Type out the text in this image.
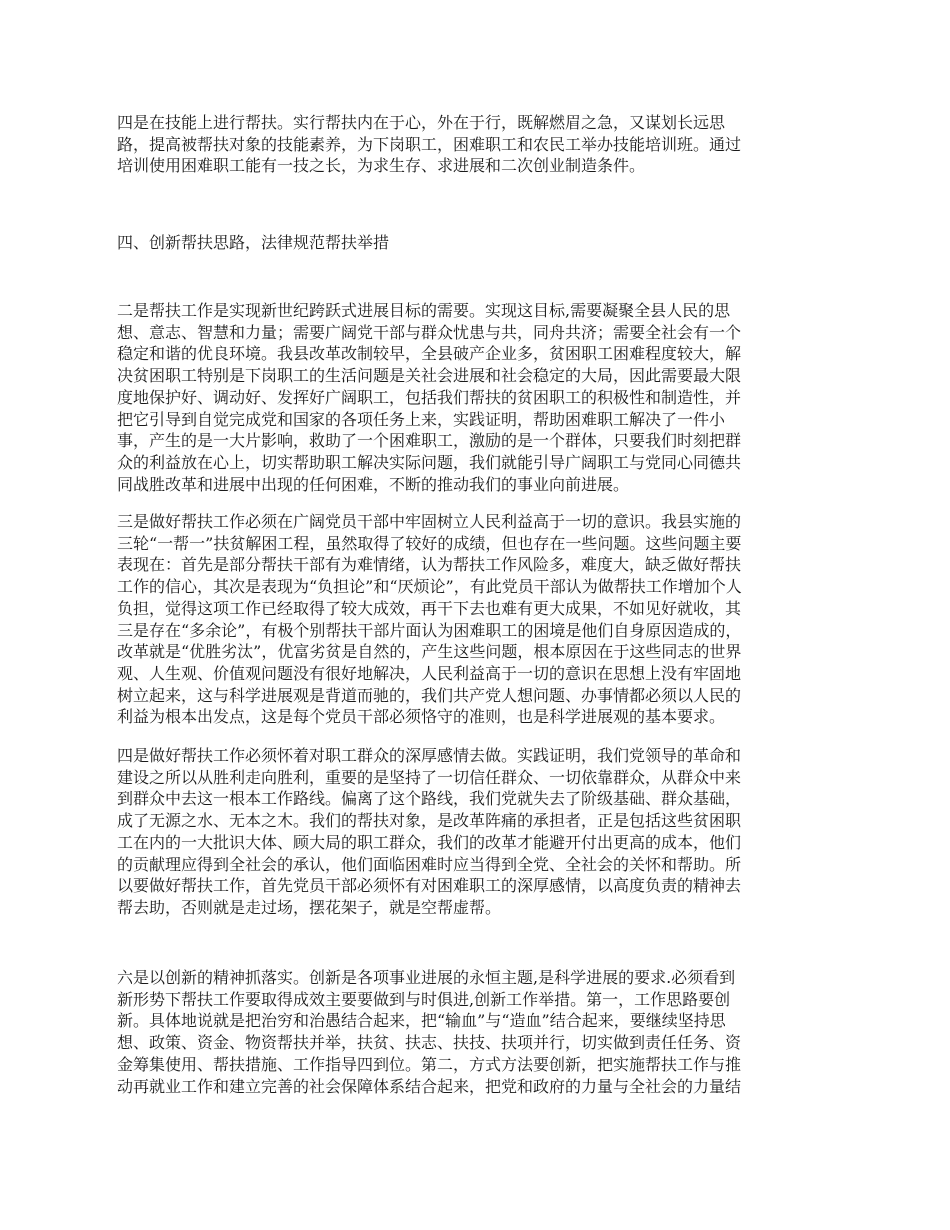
四是在技能上进行帮扶。实行帮扶内在于心，外在于行，既解燃眉之急，又谋划长远思
路，提高被帮扶对象的技能素养，为下岗职工，困难职工和农民工举办技能培训班。通过
培训使用困难职工能有一技之长，为求生存、求进展和二次创业制造条件。

四、创新帮扶思路，法律规范帮扶举措

二是帮扶工作是实现新世纪跨跃式进展目标的需要。实现这目标,需要凝聚全县人民的思
想、意志、智慧和力量；需要广阔党干部与群众忧患与共，同舟共济；需要全社会有一个
稳定和谐的优良环境。我县改革改制较早，全县破产企业多，贫困职工困难程度较大，解
决贫困职工特别是下岗职工的生活问题是关社会进展和社会稳定的大局，因此需要最大限
度地保护好、调动好、发挥好广阔职工，包括我们帮扶的贫困职工的积极性和制造性，并
把它引导到自觉完成党和国家的各项任务上来，实践证明，帮助困难职工解决了一件小
事，产生的是一大片影响，救助了一个困难职工，激励的是一个群体，只要我们时刻把群
众的利益放在心上，切实帮助职工解决实际问题，我们就能引导广阔职工与党同心同德共
同战胜改革和进展中出现的任何困难，不断的推动我们的事业向前进展。

三是做好帮扶工作必须在广阔党员干部中牢固树立人民利益高于一切的意识。我县实施的
三轮“一帮一”扶贫解困工程，虽然取得了较好的成绩，但也存在一些问题。这些问题主要
表现在：首先是部分帮扶干部有为难情绪，认为帮扶工作风险多，难度大，缺乏做好帮扶
工作的信心，其次是表现为“负担论”和“厌烦论”，有此党员干部认为做帮扶工作增加个人
负担，觉得这项工作已经取得了较大成效，再干下去也难有更大成果，不如见好就收，其
三是存在“多余论”，有极个别帮扶干部片面认为困难职工的困境是他们自身原因造成的，
改革就是“优胜劣汰”，优富劣贫是自然的，产生这些问题，根本原因在于这些同志的世界
观、人生观、价值观问题没有很好地解决，人民利益高于一切的意识在思想上没有牢固地
树立起来，这与科学进展观是背道而驰的，我们共产党人想问题、办事情都必须以人民的
利益为根本出发点，这是每个党员干部必须恪守的准则，也是科学进展观的基本要求。

四是做好帮扶工作必须怀着对职工群众的深厚感情去做。实践证明，我们党领导的革命和
建设之所以从胜利走向胜利，重要的是坚持了一切信任群众、一切依靠群众，从群众中来
到群众中去这一根本工作路线。偏离了这个路线，我们党就失去了阶级基础、群众基础，
成了无源之水、无本之木。我们的帮扶对象，是改革阵痛的承担者，正是包括这些贫困职
工在内的一大批识大体、顾大局的职工群众，我们的改革才能避开付出更高的成本，他们
的贡献理应得到全社会的承认，他们面临困难时应当得到全党、全社会的关怀和帮助。所
以要做好帮扶工作，首先党员干部必须怀有对困难职工的深厚感情，以高度负责的精神去
帮去助，否则就是走过场，摆花架子，就是空帮虚帮。

六是以创新的精神抓落实。创新是各项事业进展的永恒主题,是科学进展的要求.必须看到
新形势下帮扶工作要取得成效主要要做到与时俱进,创新工作举措。第一，工作思路要创
新。具体地说就是把治穷和治愚结合起来，把“输血”与“造血”结合起来，要继续坚持思
想、政策、资金、物资帮扶并举，扶贫、扶志、扶技、扶项并行，切实做到责任任务、资
金筹集使用、帮扶措施、工作指导四到位。第二，方式方法要创新，把实施帮扶工作与推
动再就业工作和建立完善的社会保障体系结合起来，把党和政府的力量与全社会的力量结
